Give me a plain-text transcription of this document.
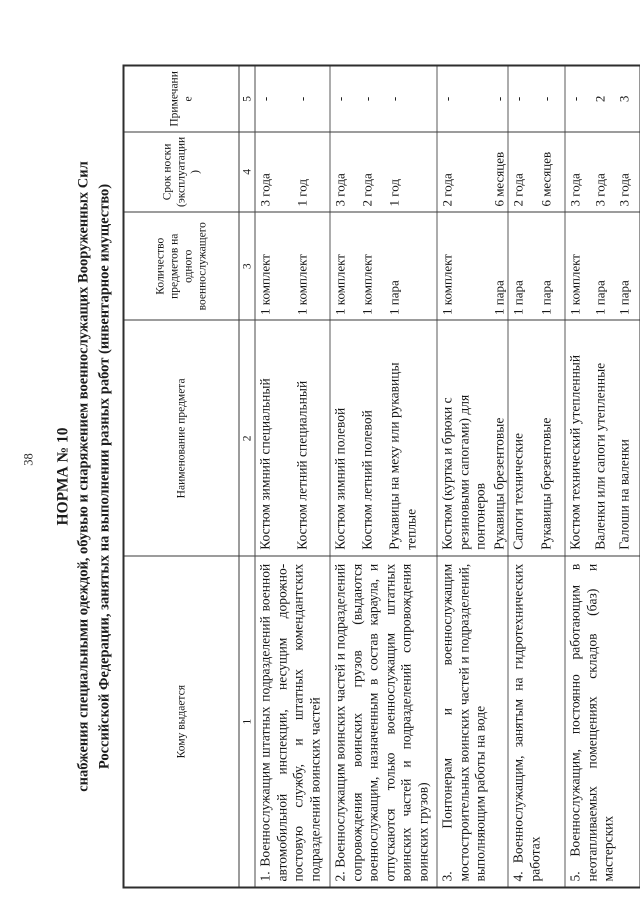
38 НОРМА № 10 снабжения специальными одеждой, обувью и снаряжением военнослужащих Вооруженных Сил Российской Федерации, занятых на выполнении разных работ (инвентарное имущество)	Кому выдается	Наименование предмета	Количество предметов на одного военнослужащего	Срок носки (эксплуатации)	Примечание
1	2	3	4	5
1. Военнослужащим штатных подразделений военной автомобильной инспекции, несущим дорожно-постовую службу, и штатных комендантских подразделений воинских частей	Костюм зимний специальный	1 комплект	3 года	-
	Костюм летний специальный	1 комплект	1 год	-
2. Военнослужащим воинских частей и подразделений сопровождения воинских грузов (выдаются военнослужащим, назначенным в состав караула, и отпускаются только военнослужащим штатных воинских частей и подразделений сопровождения воинских грузов)	Костюм зимний полевой	1 комплект	3 года	-
	Костюм летний полевой	1 комплект	2 года	-
	Рукавицы на меху или рукавицы теплые	1 пара	1 год	-
3. Понтонерам и военнослужащим мостостроительных воинских частей и подразделений, выполняющим работы на воде	Костюм (куртка и брюки с резиновыми сапогами) для понтонеров	1 комплект	2 года	-
	Рукавицы брезентовые	1 пара	6 месяцев	-
4. Военнослужащим, занятым на гидротехнических работах	Сапоги технические	1 пара	2 года	-
	Рукавицы брезентовые	1 пара	6 месяцев	-
5. Военнослужащим, постоянно работающим в неотапливаемых помещениях складов (баз) и мастерских	Костюм технический утепленный	1 комплект	3 года	-
	Валенки или сапоги утепленные	1 пара	3 года	2
	Галоши на валенки	1 пара	3 года	3
